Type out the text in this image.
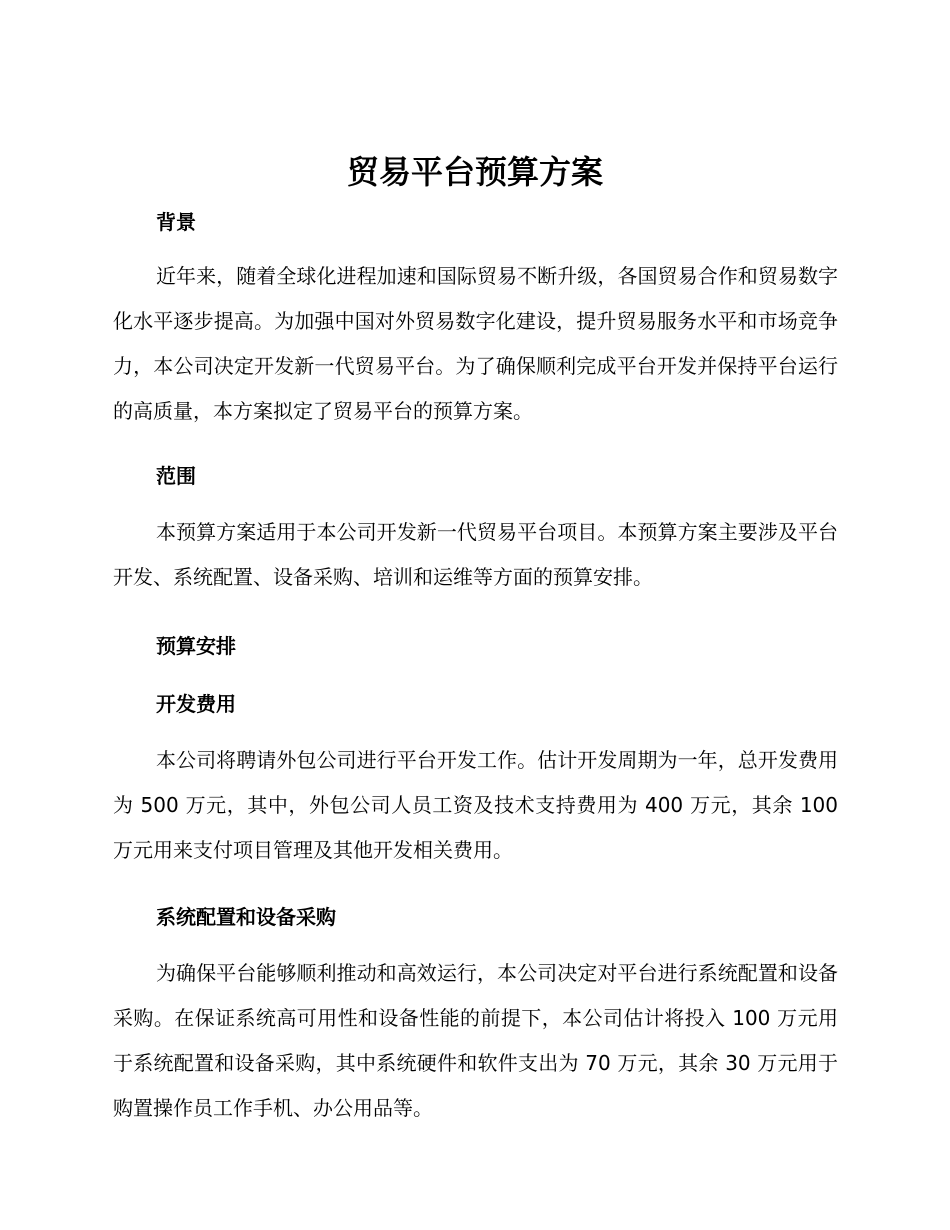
贸易平台预算方案
背景

近年来，随着全球化进程加速和国际贸易不断升级，各国贸易合作和贸易数字化水平逐步提高。为加强中国对外贸易数字化建设，提升贸易服务水平和市场竞争力，本公司决定开发新一代贸易平台。为了确保顺利完成平台开发并保持平台运行的高质量，本方案拟定了贸易平台的预算方案。

范围

本预算方案适用于本公司开发新一代贸易平台项目。本预算方案主要涉及平台开发、系统配置、设备采购、培训和运维等方面的预算安排。

预算安排
开发费用

本公司将聘请外包公司进行平台开发工作。估计开发周期为一年，总开发费用为 500 万元，其中，外包公司人员工资及技术支持费用为 400 万元，其余 100 万元用来支付项目管理及其他开发相关费用。

系统配置和设备采购

为确保平台能够顺利推动和高效运行，本公司决定对平台进行系统配置和设备采购。在保证系统高可用性和设备性能的前提下，本公司估计将投入 100 万元用于系统配置和设备采购，其中系统硬件和软件支出为 70 万元，其余 30 万元用于购置操作员工作手机、办公用品等。
